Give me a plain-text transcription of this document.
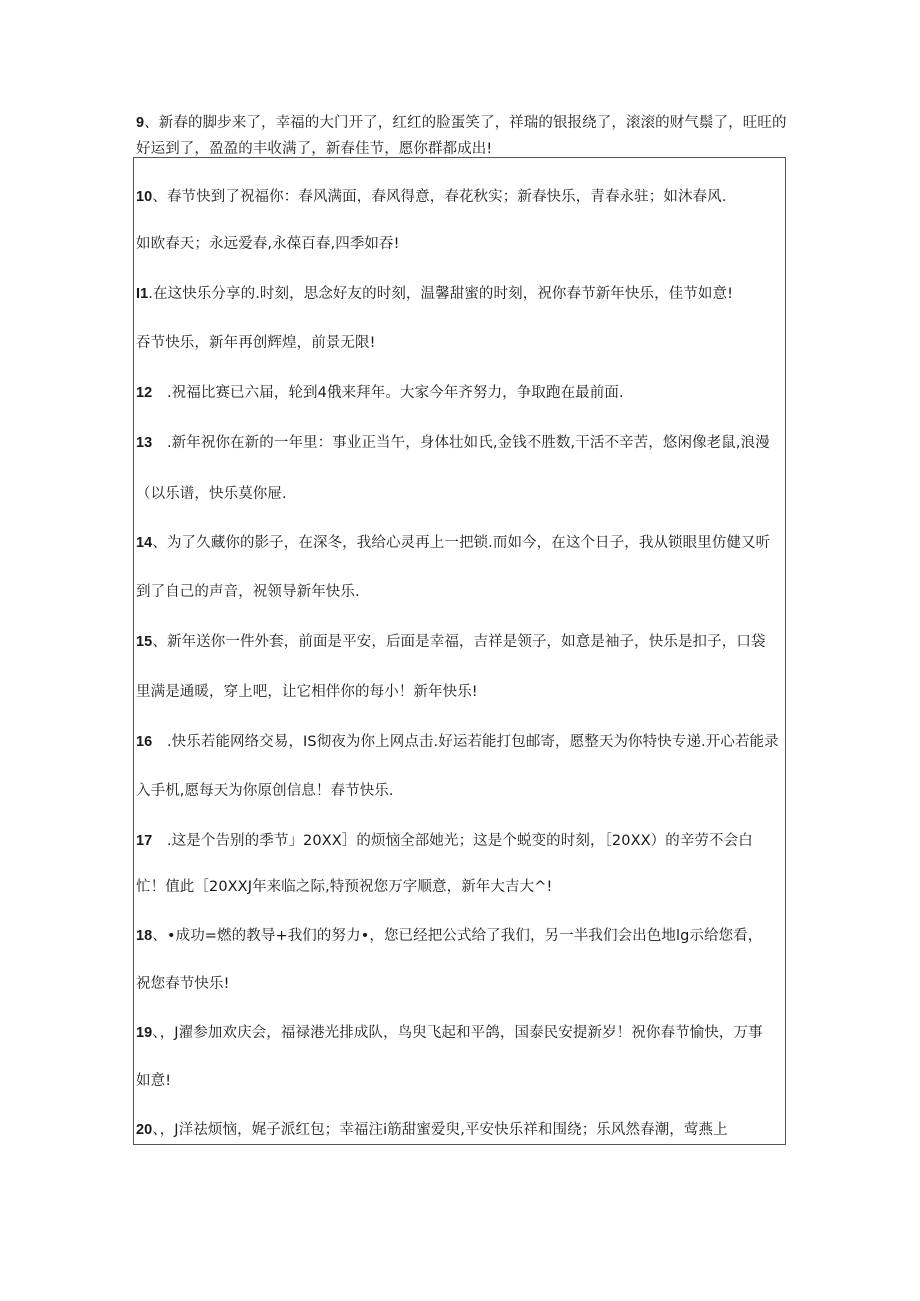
9、新春的脚步来了，幸福的大门开了，红红的脸蛋笑了，祥瑞的银报绕了，滚滚的财气鬃了，旺旺的
好运到了，盈盈的丰收满了，新春佳节，愿你群都成出!
10、春节快到了祝福你：春风满面，春风得意，春花秋实；新春快乐，青春永驻；如沐春风.
如欧春天；永远爱春,永葆百春,四季如吞!
I1.在这快乐分享的.时刻，思念好友的时刻，温馨甜蜜的时刻，祝你春节新年快乐，佳节如意!
吞节快乐，新年再创辉煌，前景无限!
12　.祝福比赛已六届，轮到4俄来拜年。大家今年齐努力，争取跑在最前面.
13　.新年祝你在新的一年里：事业正当午，身体壮如氏,金钱不胜数,干活不辛苦，悠闲像老鼠,浪漫
（以乐谱，快乐莫你屉.
14、为了久藏你的影子，在深冬，我给心灵再上一把锁.而如今，在这个日子，我从锁眼里仿健又听
到了自己的声音，祝领导新年快乐.
15、新年送你一件外套，前面是平安，后面是幸福，吉祥是领子，如意是袖子，快乐是扣子，口袋
里满是通暖，穿上吧，让它相伴你的每小！新年快乐!
16　.快乐若能网络交易，IS彻夜为你上网点击.好运若能打包邮寄，愿整天为你特快专递.开心若能录
入手机,愿每天为你原创信息！春节快乐.
17　.这是个告别的季节」20XX］的烦恼全部她光；这是个蜕变的时刻，［20XX）的辛劳不会白
忙！值此［20XXJ年来临之际,特预祝您万字顺意，新年大吉大^!
18、•成功=燃的教导+我们的努力•，您已经把公式给了我们，另一半我们会出色地lg示给您看，
祝您春节快乐!
19、，J濯参加欢庆会，福禄港光排成队，鸟臾飞起和平鸽，国泰民安提新岁！祝你春节愉快，万事
如意!
20、，J洋祛烦恼，娓子派红包；幸福注i筋甜蜜爱臾,平安快乐祥和围绕；乐风然春潮，莺燕上
